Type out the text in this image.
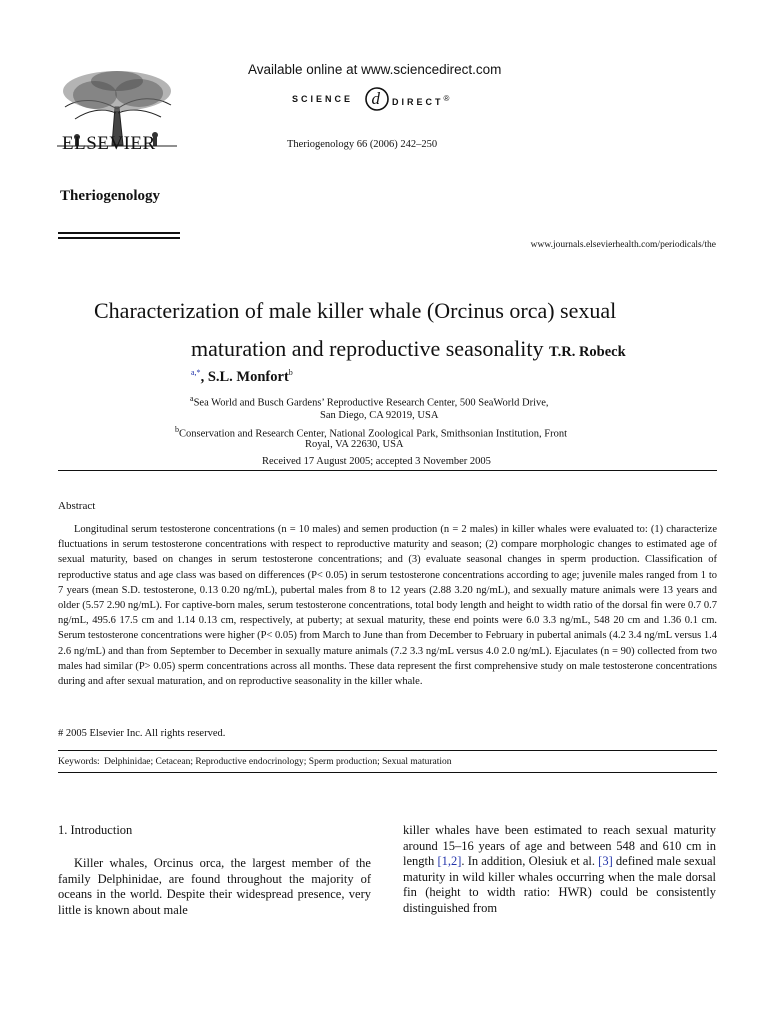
ELSEVIER
Available online at www.sciencedirect.com
SCIENCE d DIRECT®
Theriogenology 66 (2006) 242–250
Theriogenology
www.journals.elsevierhealth.com/periodicals/the
Characterization of male killer whale (Orcinus orca) sexual
maturation and reproductive seasonality T.R. Robeck
$^{a,*}$, S.L. Monfort$^b$
$^a$Sea World and Busch Gardens’ Reproductive Research Center, 500 SeaWorld Drive,
San Diego, CA 92019, USA
$^b$Conservation and Research Center, National Zoological Park, Smithsonian Institution, Front
Royal, VA 22630, USA
Received 17 August 2005; accepted 3 November 2005
Abstract

Longitudinal serum testosterone concentrations (n = 10 males) and semen production (n = 2 males) in killer whales were evaluated to: (1) characterize fluctuations in serum testosterone concentrations with respect to reproductive maturity and season; (2) compare morphologic changes to estimated age of sexual maturity, based on changes in serum testosterone concentrations; and (3) evaluate seasonal changes in sperm production. Classification of reproductive status and age class was based on differences (P< 0.05) in serum testosterone concentrations according to age; juvenile males ranged from 1 to 7 years (mean S.D. testosterone, 0.13 0.20 ng/mL), pubertal males from 8 to 12 years (2.88 3.20 ng/mL), and sexually mature animals were 13 years and older (5.57 2.90 ng/mL). For captive-born males, serum testosterone concentrations, total body length and height to width ratio of the dorsal fin were 0.7 0.7 ng/mL, 495.6 17.5 cm and 1.14 0.13 cm, respectively, at puberty; at sexual maturity, these end points were 6.0 3.3 ng/mL, 548 20 cm and 1.36 0.1 cm. Serum testosterone concentrations were higher (P< 0.05) from March to June than from December to February in pubertal animals (4.2 3.4 ng/mL versus 1.4 2.6 ng/mL) and than from September to December in sexually mature animals (7.2 3.3 ng/mL versus 4.0 2.0 ng/mL). Ejaculates (n = 90) collected from two males had similar (P> 0.05) sperm concentrations across all months. These data represent the first comprehensive study on male testosterone concentrations during and after sexual maturation, and on reproductive seasonality in the killer whale.

# 2005 Elsevier Inc. All rights reserved.
Keywords: Delphinidae; Cetacean; Reproductive endocrinology; Sperm production; Sexual maturation
1. Introduction

Killer whales, Orcinus orca, the largest member of the family Delphinidae, are found throughout the majority of oceans in the world. Despite their widespread presence, very little is known about male

killer whales have been estimated to reach sexual maturity around 15–16 years of age and between 548 and 610 cm in length [1,2]. In addition, Olesiuk et al. [3] defined male sexual maturity in wild killer whales occurring when the male dorsal fin (height to width ratio: HWR) could be consistently distinguished from
